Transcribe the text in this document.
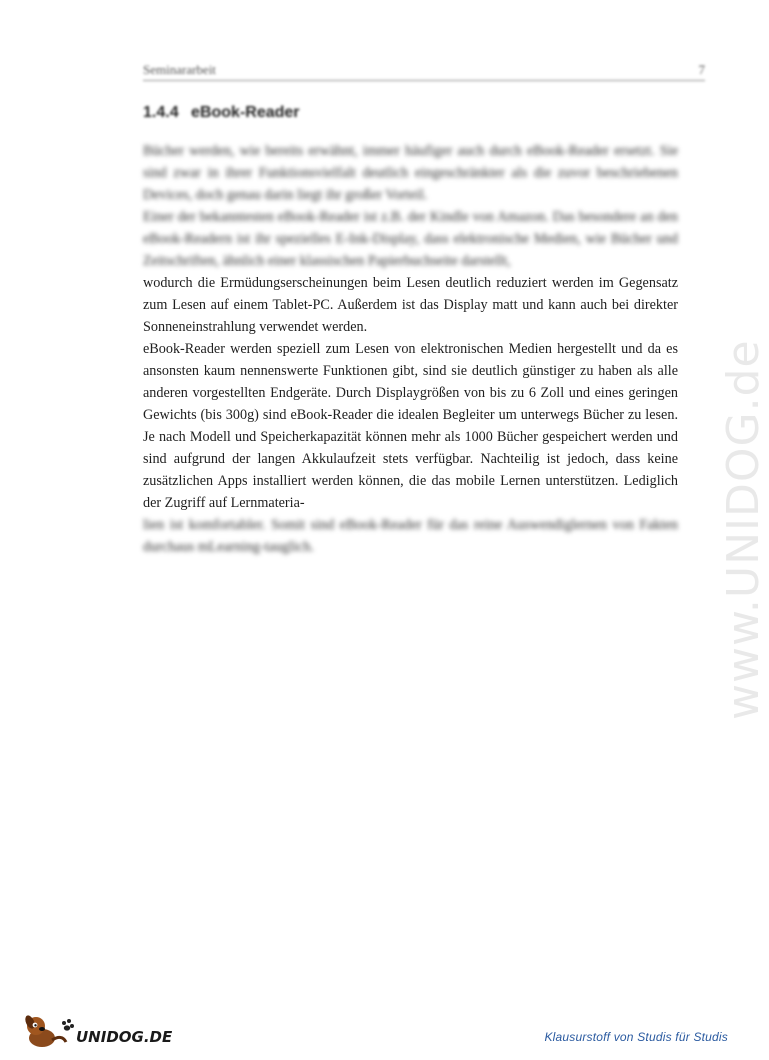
Seminararbeit	7
1.4.4 eBook-Reader

Bücher werden, wie bereits erwähnt, immer häufiger auch durch eBook-Reader ersetzt. Sie sind zwar in ihrer Funktionsvielfalt deutlich eingeschränkter als die zuvor beschriebenen Devices, doch genau darin liegt ihr großer Vorteil.

Einer der bekanntesten eBook-Reader ist z.B. der Kindle von Amazon. Das besondere an den eBook-Readern ist ihr spezielles E-Ink-Display, dass elektronische Medien, wie Bücher und Zeitschriften, ähnlich einer klassischen Papierbuchseite darstellt,

wodurch die Ermüdungserscheinungen beim Lesen deutlich reduziert werden im Gegensatz zum Lesen auf einem Tablet-PC. Außerdem ist das Display matt und kann auch bei direkter Sonneneinstrahlung verwendet werden.

eBook-Reader werden speziell zum Lesen von elektronischen Medien hergestellt und da es ansonsten kaum nennenswerte Funktionen gibt, sind sie deutlich günstiger zu haben als alle anderen vorgestellten Endgeräte. Durch Displaygrößen von bis zu 6 Zoll und eines geringen Gewichts (bis 300g) sind eBook-Reader die idealen Begleiter um unterwegs Bücher zu lesen. Je nach Modell und Speicherkapazität können mehr als 1000 Bücher gespeichert werden und sind aufgrund der langen Akkulaufzeit stets verfügbar. Nachteilig ist jedoch, dass keine zusätzlichen Apps installiert werden können, die das mobile Lernen unterstützen. Lediglich der Zugriff auf Lernmateria-

lien ist komfortabler. Somit sind eBook-Reader für das reine Auswendiglernen von Fakten durchaus mLearning-tauglich.	www.UNIDOG.de
UNIDOG.DE	Klausurstoff von Studis für Studis
